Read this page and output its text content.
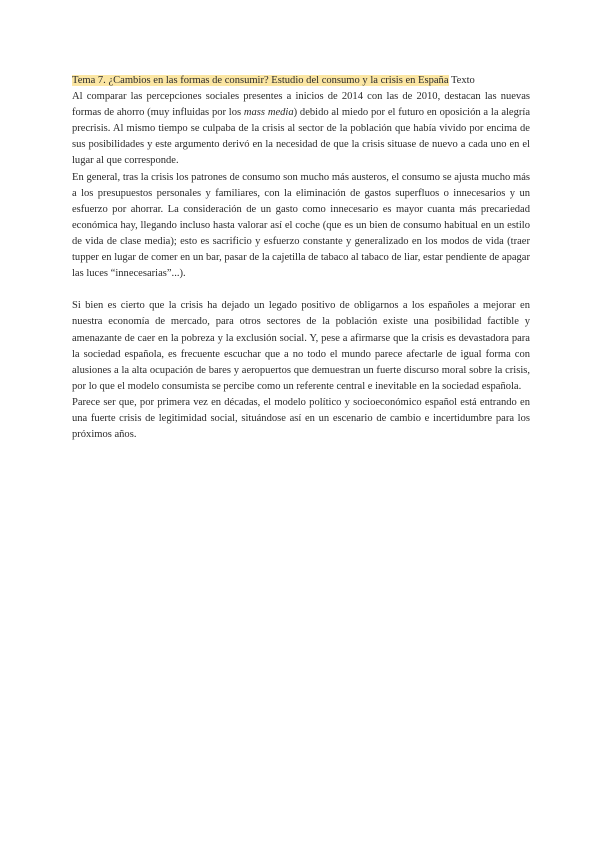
Tema 7. ¿Cambios en las formas de consumir? Estudio del consumo y la crisis en España Texto

Al comparar las percepciones sociales presentes a inicios de 2014 con las de 2010, destacan las nuevas formas de ahorro (muy influidas por los mass media) debido al miedo por el futuro en oposición a la alegría precrisis. Al mismo tiempo se culpaba de la crisis al sector de la población que había vivido por encima de sus posibilidades y este argumento derivó en la necesidad de que la crisis situase de nuevo a cada uno en el lugar al que corresponde.

En general, tras la crisis los patrones de consumo son mucho más austeros, el consumo se ajusta mucho más a los presupuestos personales y familiares, con la eliminación de gastos superfluos o innecesarios y un esfuerzo por ahorrar. La consideración de un gasto como innecesario es mayor cuanta más precariedad económica hay, llegando incluso hasta valorar así el coche (que es un bien de consumo habitual en un estilo de vida de clase media); esto es sacrificio y esfuerzo constante y generalizado en los modos de vida (traer tupper en lugar de comer en un bar, pasar de la cajetilla de tabaco al tabaco de liar, estar pendiente de apagar las luces “innecesarias”...).

Si bien es cierto que la crisis ha dejado un legado positivo de obligarnos a los españoles a mejorar en nuestra economía de mercado, para otros sectores de la población existe una posibilidad factible y amenazante de caer en la pobreza y la exclusión social. Y, pese a afirmarse que la crisis es devastadora para la sociedad española, es frecuente escuchar que a no todo el mundo parece afectarle de igual forma con alusiones a la alta ocupación de bares y aeropuertos que demuestran un fuerte discurso moral sobre la crisis, por lo que el modelo consumista se percibe como un referente central e inevitable en la sociedad española.

Parece ser que, por primera vez en décadas, el modelo político y socioeconómico español está entrando en una fuerte crisis de legitimidad social, situándose así en un escenario de cambio e incertidumbre para los próximos años.
